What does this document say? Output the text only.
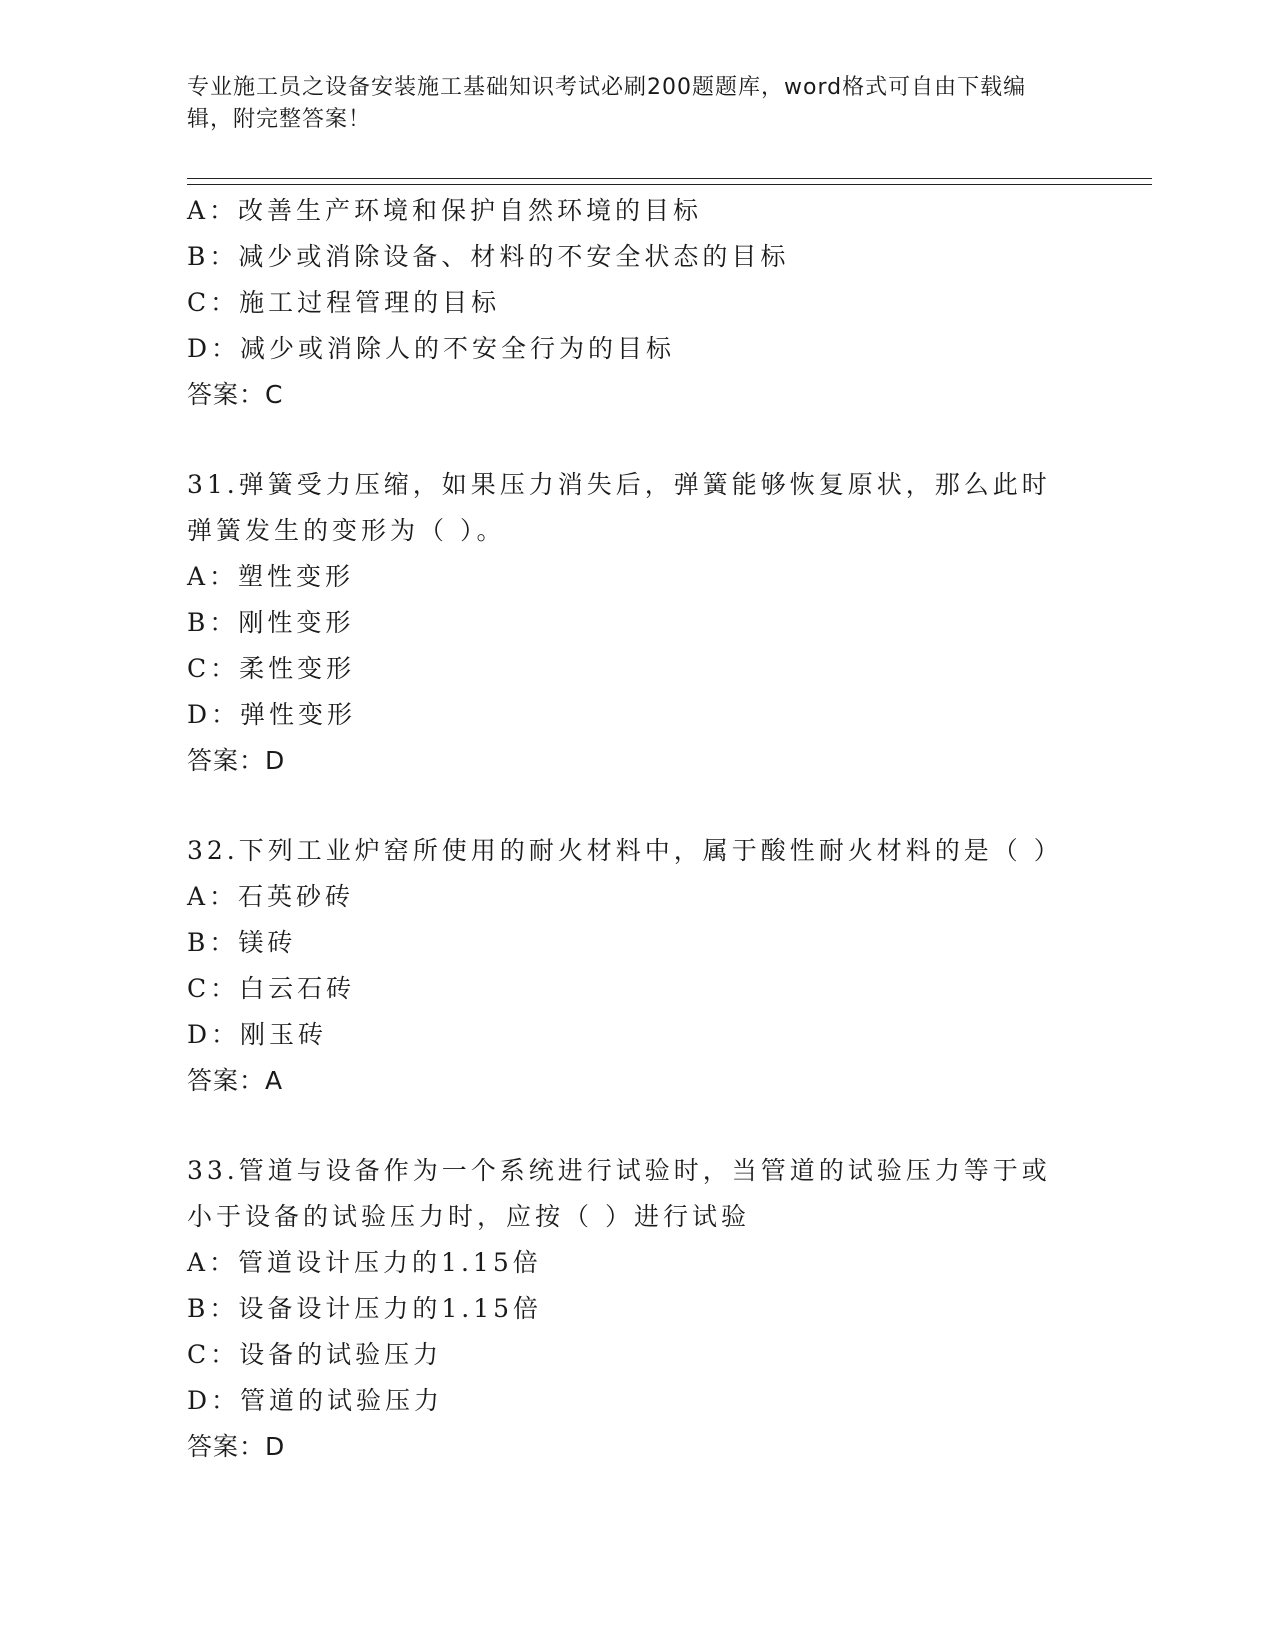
专业施工员之设备安装施工基础知识考试必刷200题题库，word格式可自由下载编辑，附完整答案！
A：改善生产环境和保护自然环境的目标
B：减少或消除设备、材料的不安全状态的目标
C：施工过程管理的目标
D：减少或消除人的不安全行为的目标
答案：C
31.弹簧受力压缩，如果压力消失后，弹簧能够恢复原状，那么此时弹簧发生的变形为（ ）。
A：塑性变形
B：刚性变形
C：柔性变形
D：弹性变形
答案：D
32.下列工业炉窑所使用的耐火材料中，属于酸性耐火材料的是（ ）
A：石英砂砖
B：镁砖
C：白云石砖
D：刚玉砖
答案：A
33.管道与设备作为一个系统进行试验时，当管道的试验压力等于或小于设备的试验压力时，应按（ ）进行试验
A：管道设计压力的1.15倍
B：设备设计压力的1.15倍
C：设备的试验压力
D：管道的试验压力
答案：D
